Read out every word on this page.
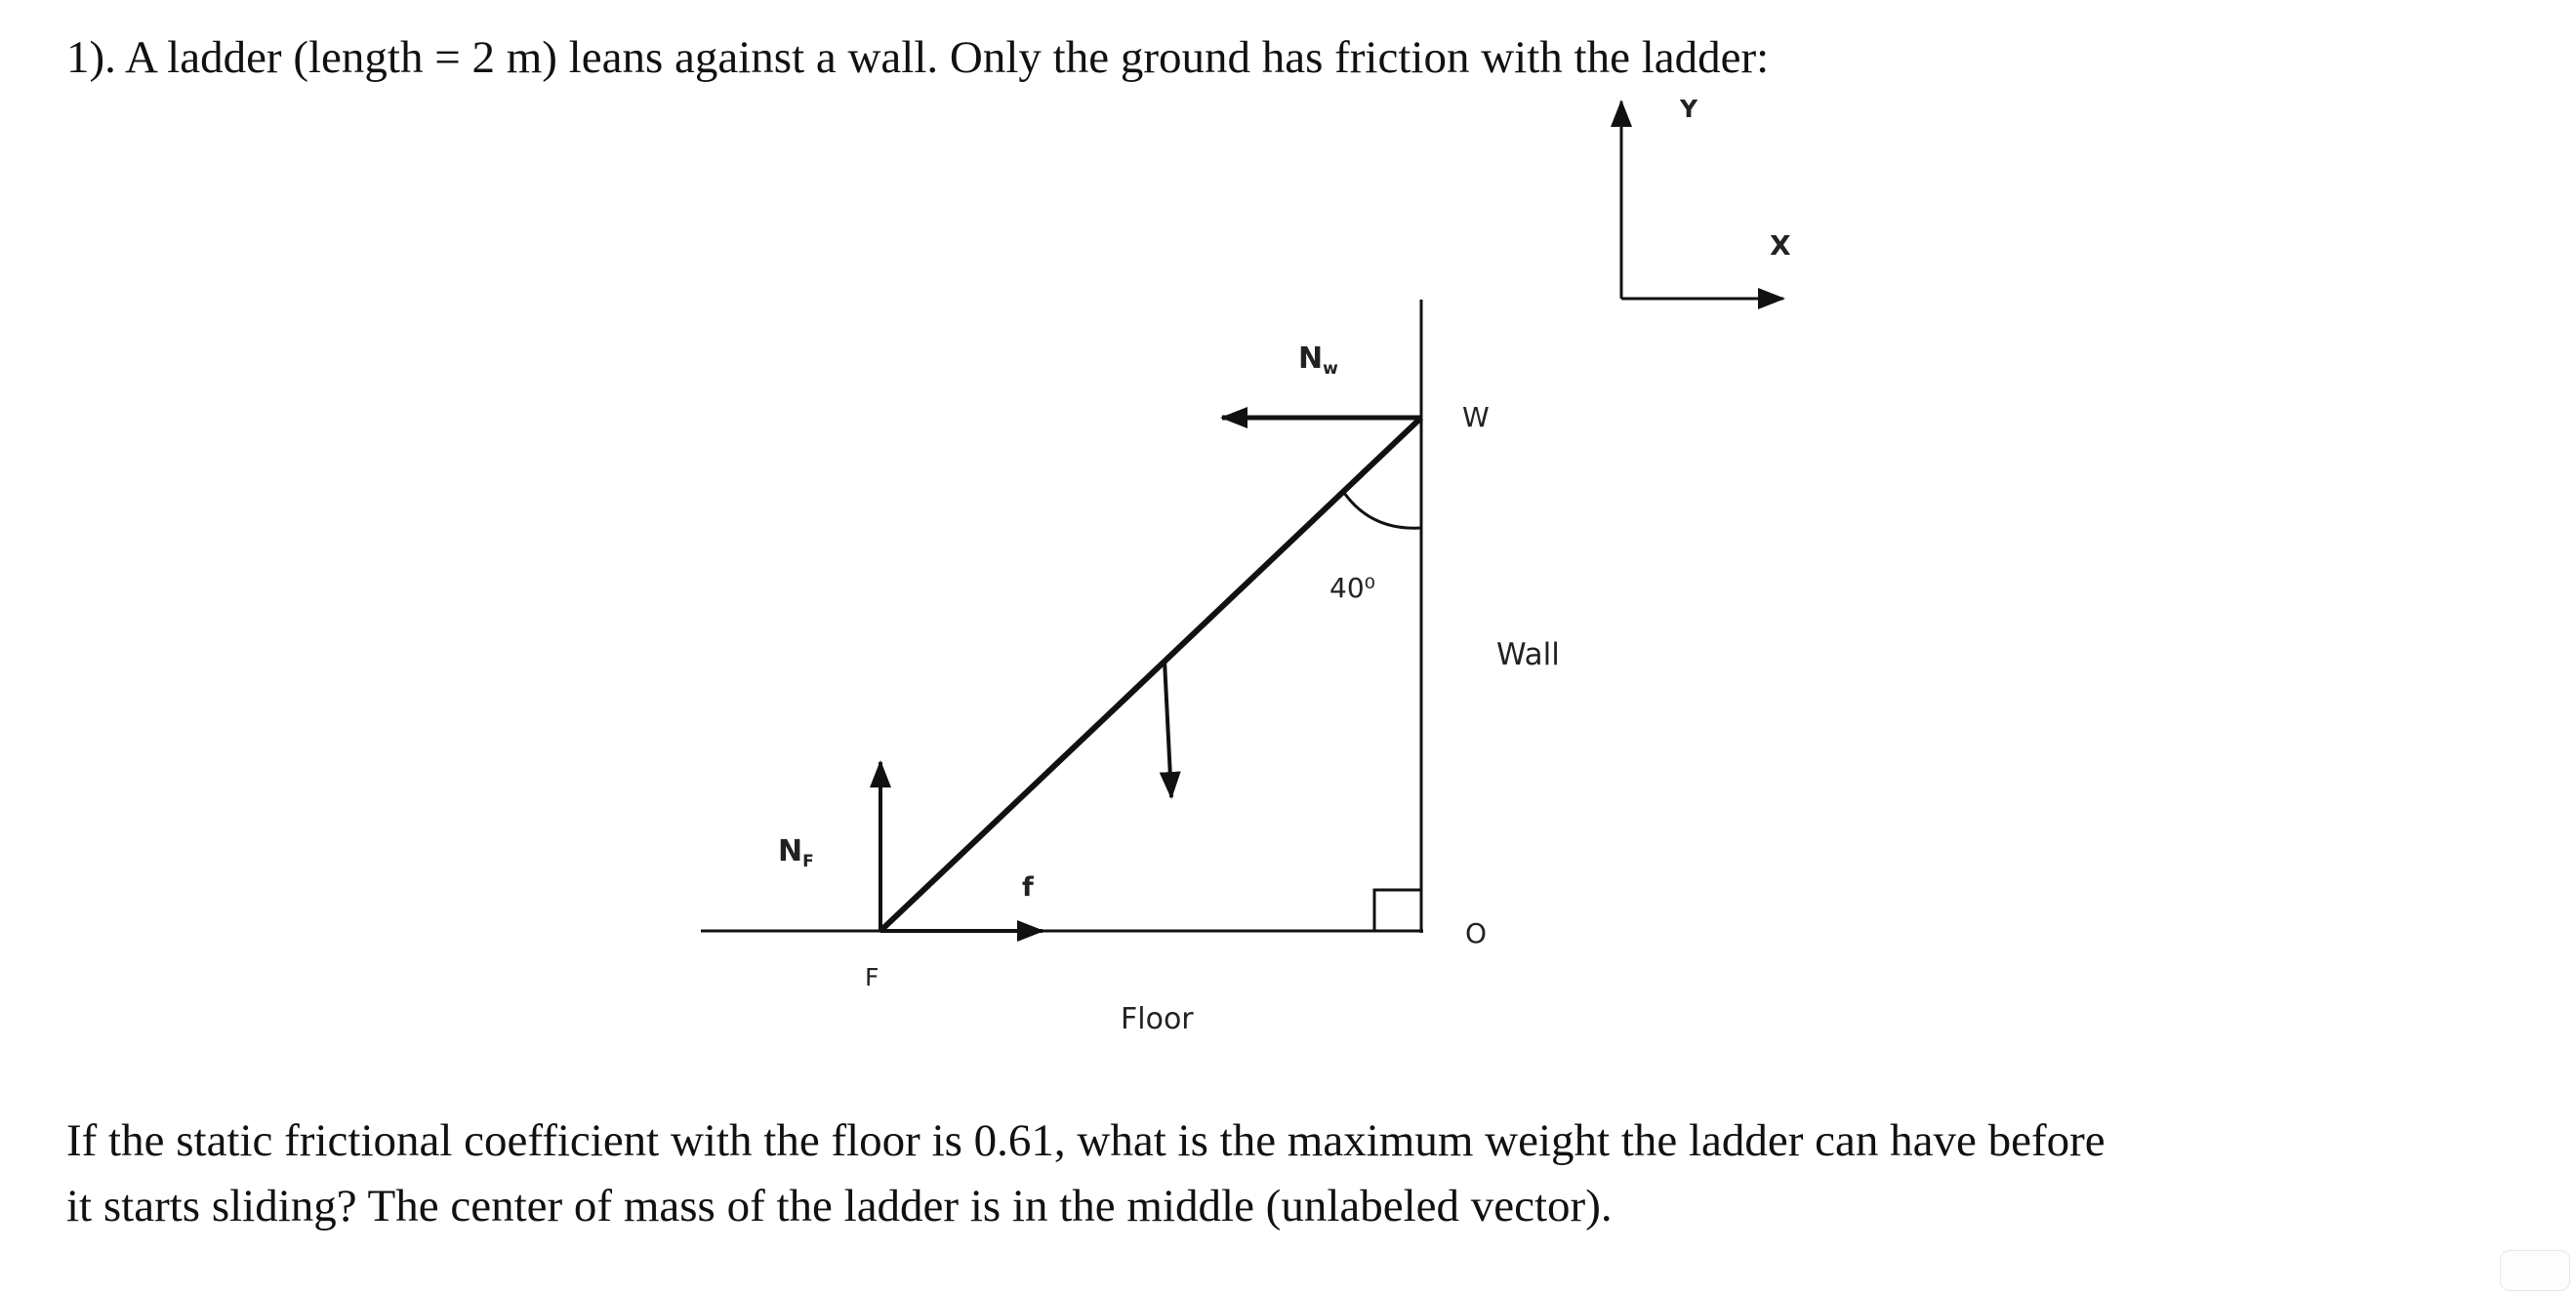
1). A ladder (length = 2 m) leans against a wall. Only the ground has friction with the ladder:

Y
X
$N_w$
W
40⁰
Wall
$N_F$
f
F
O
Floor

If the static frictional coefficient with the floor is 0.61, what is the maximum weight the ladder can have before

it starts sliding? The center of mass of the ladder is in the middle (unlabeled vector).
